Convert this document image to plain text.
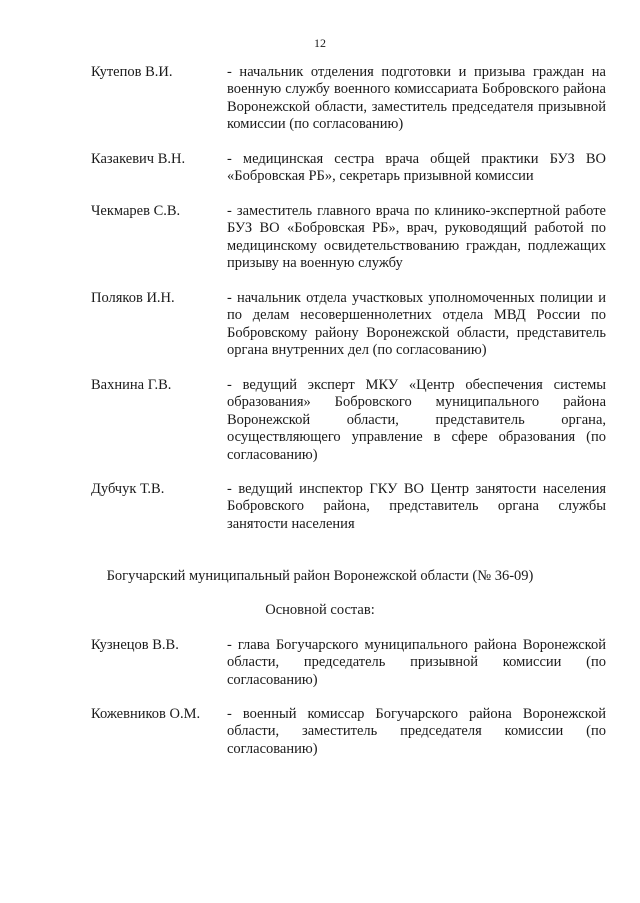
12
Кутепов В.И.	- начальник отделения подготовки и призыва граждан на военную службу военного комиссариата Бобровского района Воронежской области, заместитель председателя призывной комиссии (по согласованию)
Казакевич В.Н.	- медицинская сестра врача общей практики БУЗ ВО «Бобровская РБ», секретарь призывной комиссии
Чекмарев С.В.	- заместитель главного врача по клинико-экспертной работе БУЗ ВО «Бобровская РБ», врач, руководящий работой по медицинскому освидетельствованию граждан, подлежащих призыву на военную службу
Поляков И.Н.	- начальник отдела участковых уполномоченных полиции и по делам несовершеннолетних отдела МВД России по Бобровскому району Воронежской области, представитель органа внутренних дел (по согласованию)
Вахнина Г.В.	- ведущий эксперт МКУ «Центр обеспечения системы образования» Бобровского муниципального района Воронежской области, представитель органа, осуществляющего управление в сфере образования (по согласованию)
Дубчук Т.В.	- ведущий инспектор ГКУ ВО Центр занятости населения Бобровского района, представитель органа службы занятости населения
Богучарский муниципальный район Воронежской области (№ 36-09)
Основной состав:
Кузнецов В.В.	- глава Богучарского муниципального района Воронежской области, председатель призывной комиссии (по согласованию)
Кожевников О.М.	- военный комиссар Богучарского района Воронежской области, заместитель председателя комиссии (по согласованию)
